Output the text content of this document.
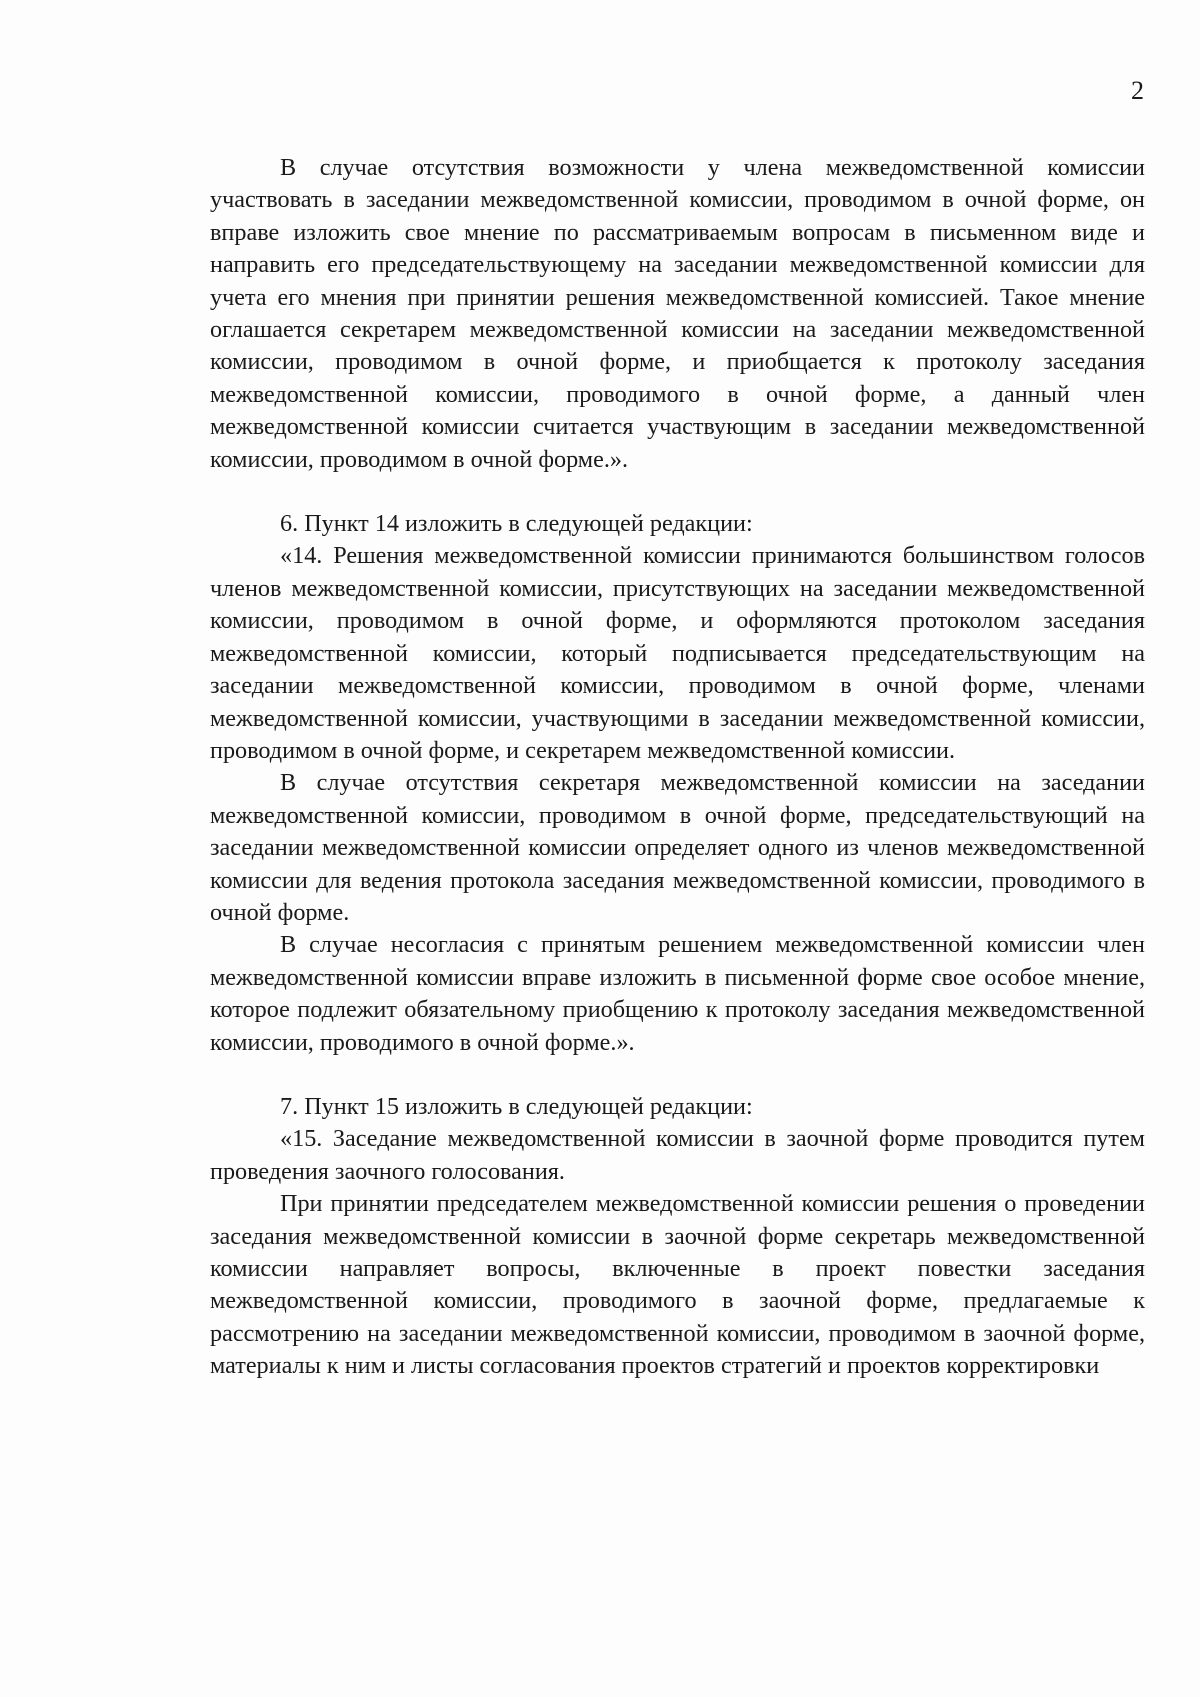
2

В случае отсутствия возможности у члена межведомственной комиссии участвовать в заседании межведомственной комиссии, проводимом в очной форме, он вправе изложить свое мнение по рассматриваемым вопросам в письменном виде и направить его председательствующему на заседании межведомственной комиссии для учета его мнения при принятии решения межведомственной комиссией. Такое мнение оглашается секретарем межведомственной комиссии на заседании межведомственной комиссии, проводимом в очной форме, и приобщается к протоколу заседания межведомственной комиссии, проводимого в очной форме, а данный член межведомственной комиссии считается участвующим в заседании межведомственной комиссии, проводимом в очной форме.».

6. Пункт 14 изложить в следующей редакции:

«14. Решения межведомственной комиссии принимаются большинством голосов членов межведомственной комиссии, присутствующих на заседании межведомственной комиссии, проводимом в очной форме, и оформляются протоколом заседания межведомственной комиссии, который подписывается председательствующим на заседании межведомственной комиссии, проводимом в очной форме, членами межведомственной комиссии, участвующими в заседании межведомственной комиссии, проводимом в очной форме, и секретарем межведомственной комиссии.

В случае отсутствия секретаря межведомственной комиссии на заседании межведомственной комиссии, проводимом в очной форме, председательствующий на заседании межведомственной комиссии определяет одного из членов межведомственной комиссии для ведения протокола заседания межведомственной комиссии, проводимого в очной форме.

В случае несогласия с принятым решением межведомственной комиссии член межведомственной комиссии вправе изложить в письменной форме свое особое мнение, которое подлежит обязательному приобщению к протоколу заседания межведомственной комиссии, проводимого в очной форме.».

7. Пункт 15 изложить в следующей редакции:

«15. Заседание межведомственной комиссии в заочной форме проводится путем проведения заочного голосования.

При принятии председателем межведомственной комиссии решения о проведении заседания межведомственной комиссии в заочной форме секретарь межведомственной комиссии направляет вопросы, включенные в проект повестки заседания межведомственной комиссии, проводимого в заочной форме, предлагаемые к рассмотрению на заседании межведомственной комиссии, проводимом в заочной форме, материалы к ним и листы согласования проектов стратегий и проектов корректировки
